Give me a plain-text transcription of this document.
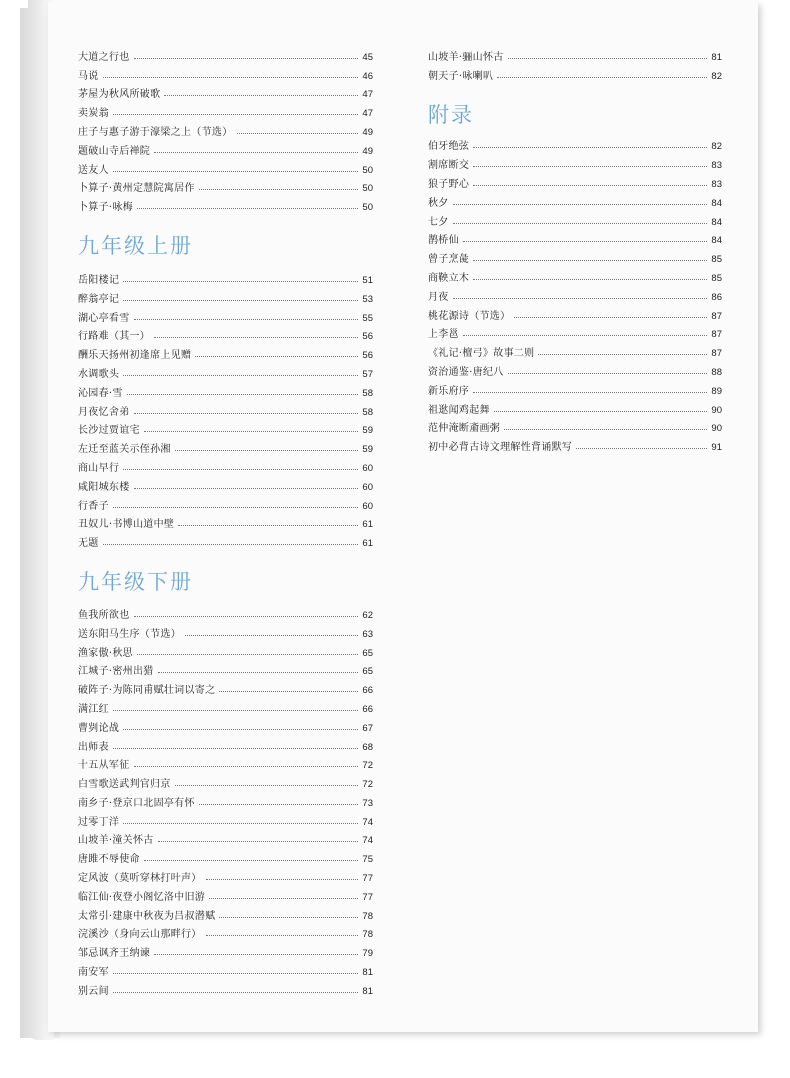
大道之行也	45
马说	46
茅屋为秋风所破歌	47
卖炭翁	47
庄子与惠子游于濠梁之上（节选）	49
题破山寺后禅院	49
送友人	50
卜算子·黄州定慧院寓居作	50
卜算子·咏梅	50
九年级上册
岳阳楼记	51
醉翁亭记	53
湖心亭看雪	55
行路难（其一）	56
酬乐天扬州初逢席上见赠	56
水调歌头	57
沁园春·雪	58
月夜忆舍弟	58
长沙过贾谊宅	59
左迁至蓝关示侄孙湘	59
商山早行	60
咸阳城东楼	60
行香子	60
丑奴儿·书博山道中壁	61
无题	61
九年级下册
鱼我所欲也	62
送东阳马生序（节选）	63
渔家傲·秋思	65
江城子·密州出猎	65
破阵子·为陈同甫赋壮词以寄之	66
满江红	66
曹刿论战	67
出师表	68
十五从军征	72
白雪歌送武判官归京	72
南乡子·登京口北固亭有怀	73
过零丁洋	74
山坡羊·潼关怀古	74
唐雎不辱使命	75
定风波（莫听穿林打叶声）	77
临江仙·夜登小阁忆洛中旧游	77
太常引·建康中秋夜为吕叔潜赋	78
浣溪沙（身向云山那畔行）	78
邹忌讽齐王纳谏	79
南安军	81
别云间	81
山坡羊·骊山怀古	81
朝天子·咏喇叭	82
附录
伯牙绝弦	82
割席断交	83
狼子野心	83
秋夕	84
七夕	84
鹊桥仙	84
曾子烹彘	85
商鞅立木	85
月夜	86
桃花源诗（节选）	87
上李邕	87
《礼记·檀弓》故事二则	87
资治通鉴·唐纪八	88
新乐府序	89
祖逖闻鸡起舞	90
范仲淹断齑画粥	90
初中必背古诗文理解性背诵默写	91
